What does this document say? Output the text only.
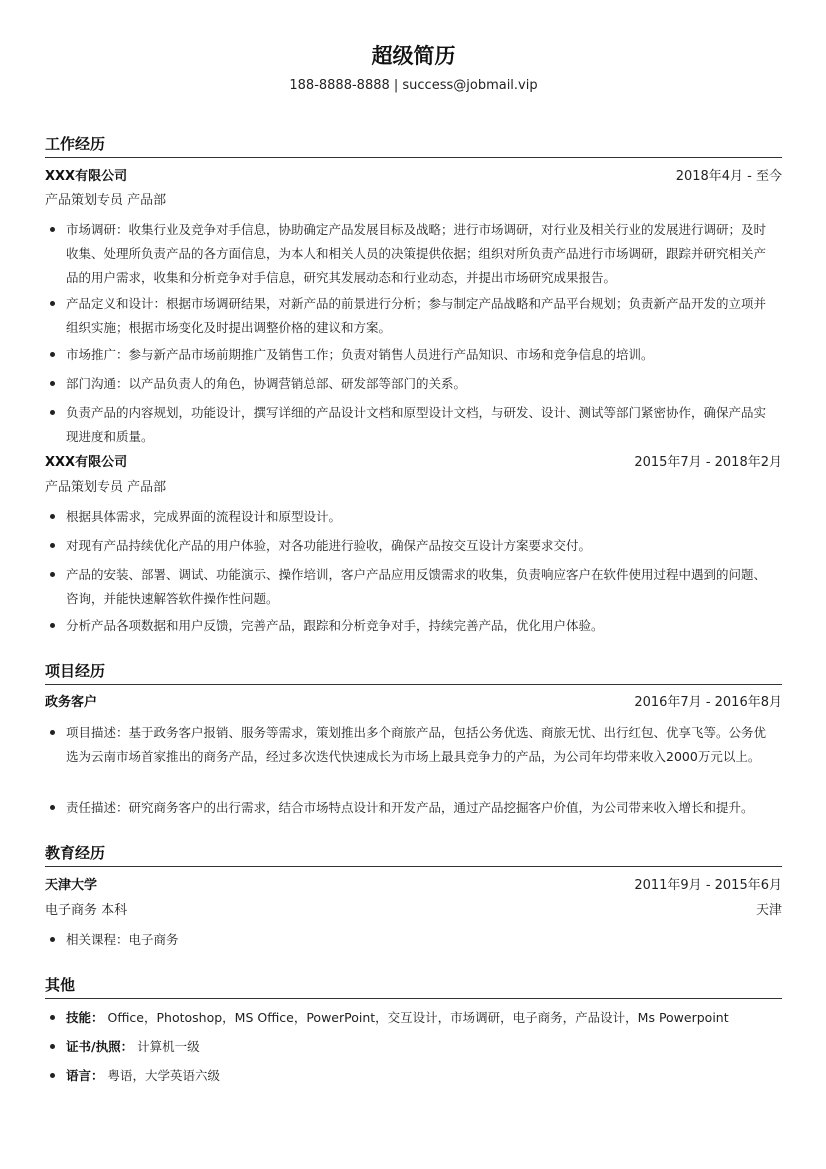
超级简历
188-8888-8888 | success@jobmail.vip
工作经历
XXX有限公司	2018年4月 - 至今
产品策划专员 产品部
市场调研：收集行业及竞争对手信息，协助确定产品发展目标及战略；进行市场调研，对行业及相关行业的发展进行调研；及时收集、处理所负责产品的各方面信息，为本人和相关人员的决策提供依据；组织对所负责产品进行市场调研，跟踪并研究相关产品的用户需求，收集和分析竞争对手信息，研究其发展动态和行业动态，并提出市场研究成果报告。
产品定义和设计：根据市场调研结果，对新产品的前景进行分析；参与制定产品战略和产品平台规划；负责新产品开发的立项并组织实施；根据市场变化及时提出调整价格的建议和方案。
市场推广：参与新产品市场前期推广及销售工作；负责对销售人员进行产品知识、市场和竞争信息的培训。
部门沟通：以产品负责人的角色，协调营销总部、研发部等部门的关系。
负责产品的内容规划，功能设计，撰写详细的产品设计文档和原型设计文档，与研发、设计、测试等部门紧密协作，确保产品实现进度和质量。
XXX有限公司	2015年7月 - 2018年2月
产品策划专员 产品部
根据具体需求，完成界面的流程设计和原型设计。
对现有产品持续优化产品的用户体验，对各功能进行验收，确保产品按交互设计方案要求交付。
产品的安装、部署、调试、功能演示、操作培训，客户产品应用反馈需求的收集，负责响应客户在软件使用过程中遇到的问题、咨询，并能快速解答软件操作性问题。
分析产品各项数据和用户反馈，完善产品，跟踪和分析竞争对手，持续完善产品，优化用户体验。
项目经历
政务客户	2016年7月 - 2016年8月
项目描述：基于政务客户报销、服务等需求，策划推出多个商旅产品，包括公务优选、商旅无忧、出行红包、优享飞等。公务优选为云南市场首家推出的商务产品，经过多次迭代快速成长为市场上最具竞争力的产品，为公司年均带来收入2000万元以上。
责任描述：研究商务客户的出行需求，结合市场特点设计和开发产品，通过产品挖掘客户价值，为公司带来收入增长和提升。
教育经历
天津大学	2011年9月 - 2015年6月
电子商务 本科	天津
相关课程：电子商务
其他
技能： Office，Photoshop，MS Office，PowerPoint，交互设计，市场调研，电子商务，产品设计，Ms Powerpoint
证书/执照： 计算机一级
语言： 粤语，大学英语六级
